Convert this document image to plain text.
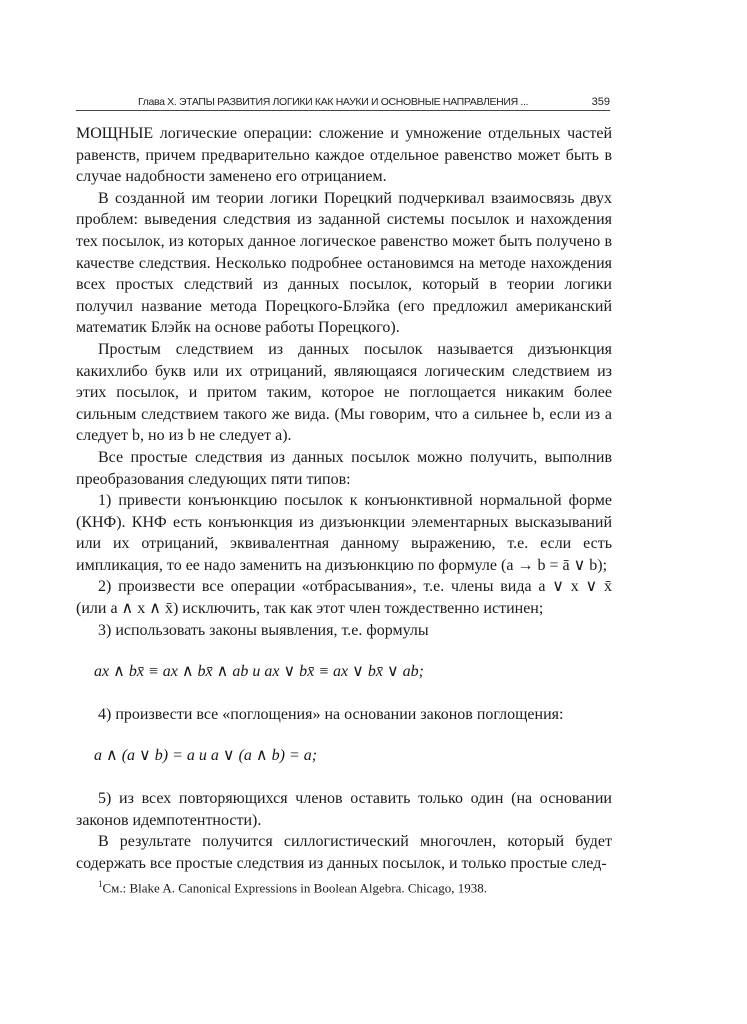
Глава X. ЭТАПЫ РАЗВИТИЯ ЛОГИКИ КАК НАУКИ И ОСНОВНЫЕ НАПРАВЛЕНИЯ ...	359

МОЩНЫЕ логические операции: сложение и умножение отдельных частей равенств, причем предварительно каждое отдельное равенство может быть в случае надобности заменено его отрицанием.

В созданной им теории логики Порецкий подчеркивал взаимосвязь двух проблем: выведения следствия из заданной системы посылок и нахождения тех посылок, из которых данное логическое равенство может быть получено в качестве следствия. Несколько подробнее остановимся на методе нахождения всех простых следствий из данных посылок, который в теории логики получил название метода Порецкого-Блэйка (его предложил американский математик Блэйк на основе работы Порецкого).

Простым следствием из данных посылок называется дизъюнкция какихлибо букв или их отрицаний, являющаяся логическим следствием из этих посылок, и притом таким, которое не поглощается никаким более сильным следствием такого же вида. (Мы говорим, что a сильнее b, если из a следует b, но из b не следует a).

Все простые следствия из данных посылок можно получить, выполнив преобразования следующих пяти типов:

1) привести конъюнкцию посылок к конъюнктивной нормальной форме (КНФ). КНФ есть конъюнкция из дизъюнкции элементарных высказываний или их отрицаний, эквивалентная данному выражению, т.е. если есть импликация, то ее надо заменить на дизъюнкцию по формуле (a → b = ā ∨ b);

2) произвести все операции «отбрасывания», т.е. члены вида a ∨ x ∨ x̄ (или a ∧ x ∧ x̄) исключить, так как этот член тождественно истинен;

3) использовать законы выявления, т.е. формулы

ax ∧ bx̄ ≡ ax ∧ bx̄ ∧ ab и ax ∨ bx̄ ≡ ax ∨ bx̄ ∨ ab;

4) произвести все «поглощения» на основании законов поглощения:

a ∧ (a ∨ b) = a и a ∨ (a ∧ b) = a;

5) из всех повторяющихся членов оставить только один (на основании законов идемпотентности).

В результате получится силлогистический многочлен, который будет содержать все простые следствия из данных посылок, и только простые след-

$^1$См.: Blake A. Canonical Expressions in Boolean Algebra. Chicago, 1938.
